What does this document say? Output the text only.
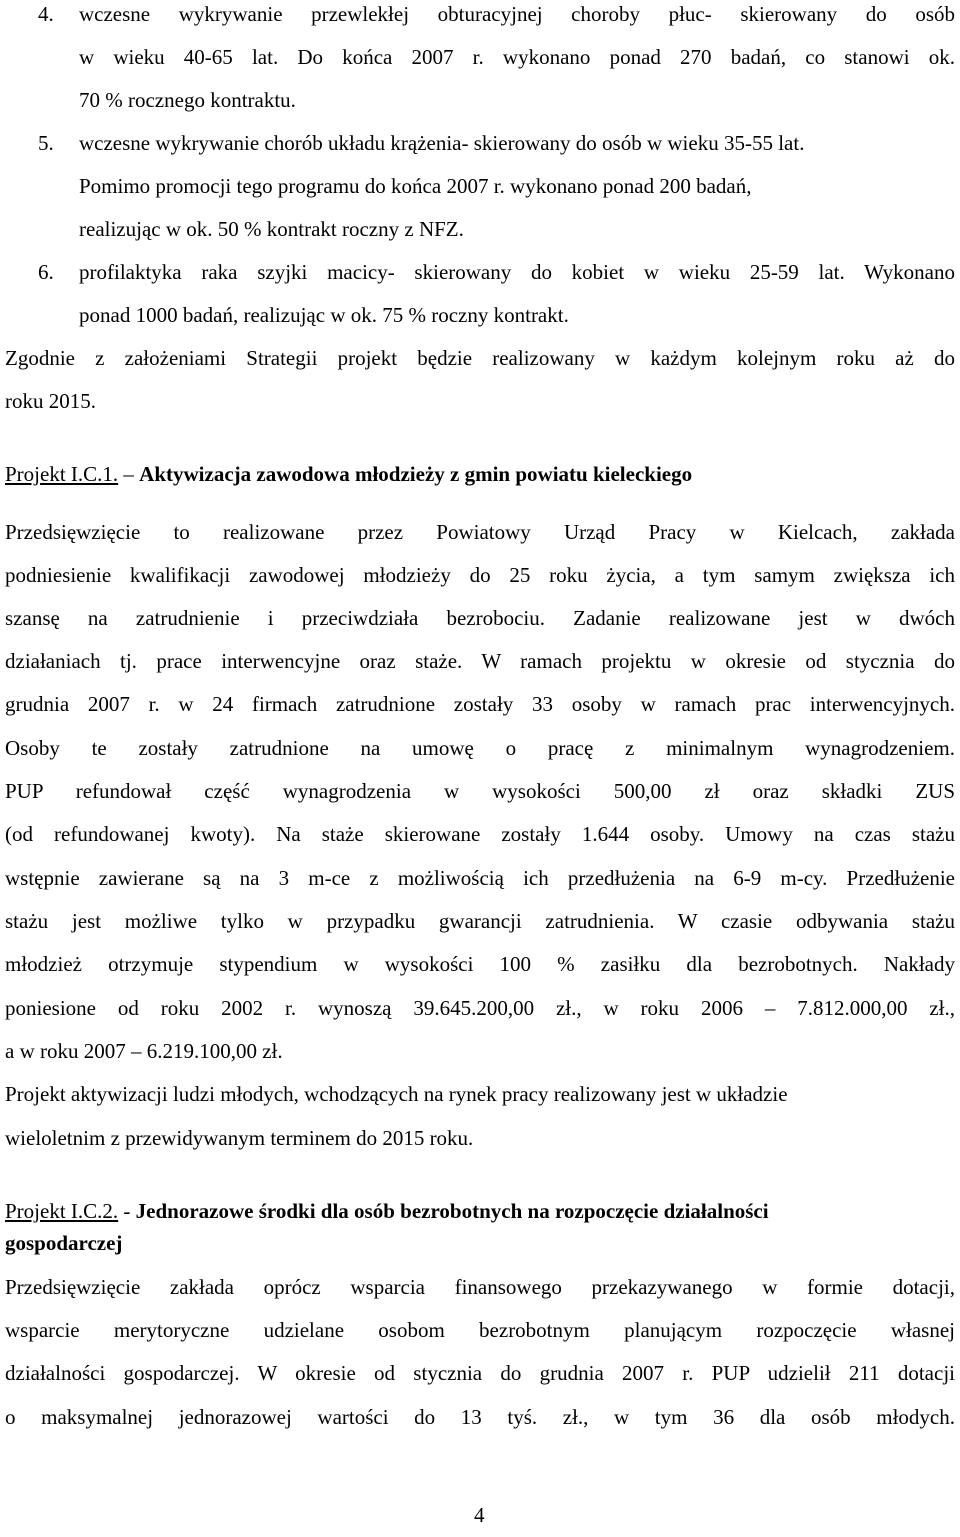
4. wczesne wykrywanie przewlekłej obturacyjnej choroby płuc- skierowany do osób
w wieku 40-65 lat. Do końca 2007 r. wykonano ponad 270 badań, co stanowi ok.
70 % rocznego kontraktu.
5. wczesne wykrywanie chorób układu krążenia- skierowany do osób w wieku 35-55 lat.
Pomimo promocji tego programu do końca 2007 r. wykonano ponad 200 badań,
realizując w ok. 50 % kontrakt roczny z NFZ.
6. profilaktyka raka szyjki macicy- skierowany do kobiet w wieku 25-59 lat. Wykonano
ponad 1000 badań, realizując w ok. 75 % roczny kontrakt.
Zgodnie z założeniami Strategii projekt będzie realizowany w każdym kolejnym roku aż do
roku 2015.
Projekt I.C.1. – Aktywizacja zawodowa młodzieży z gmin powiatu kieleckiego
Przedsięwzięcie to realizowane przez Powiatowy Urząd Pracy w Kielcach, zakłada
podniesienie kwalifikacji zawodowej młodzieży do 25 roku życia, a tym samym zwiększa ich
szansę na zatrudnienie i przeciwdziała bezrobociu. Zadanie realizowane jest w dwóch
działaniach tj. prace interwencyjne oraz staże. W ramach projektu w okresie od stycznia do
grudnia 2007 r. w 24 firmach zatrudnione zostały 33 osoby w ramach prac interwencyjnych.
Osoby te zostały zatrudnione na umowę o pracę z minimalnym wynagrodzeniem.
PUP refundował część wynagrodzenia w wysokości 500,00 zł oraz składki ZUS
(od refundowanej kwoty). Na staże skierowane zostały 1.644 osoby. Umowy na czas stażu
wstępnie zawierane są na 3 m-ce z możliwością ich przedłużenia na 6-9 m-cy. Przedłużenie
stażu jest możliwe tylko w przypadku gwarancji zatrudnienia. W czasie odbywania stażu
młodzież otrzymuje stypendium w wysokości 100 % zasiłku dla bezrobotnych. Nakłady
poniesione od roku 2002 r. wynoszą 39.645.200,00 zł., w roku 2006 – 7.812.000,00 zł.,
a w roku 2007 – 6.219.100,00 zł.
Projekt aktywizacji ludzi młodych, wchodzących na rynek pracy realizowany jest w układzie
wieloletnim z przewidywanym terminem do 2015 roku.
Projekt I.C.2. - Jednorazowe środki dla osób bezrobotnych na rozpoczęcie działalności
gospodarczej
Przedsięwzięcie zakłada oprócz wsparcia finansowego przekazywanego w formie dotacji,
wsparcie merytoryczne udzielane osobom bezrobotnym planującym rozpoczęcie własnej
działalności gospodarczej. W okresie od stycznia do grudnia 2007 r. PUP udzielił 211 dotacji
o maksymalnej jednorazowej wartości do 13 tyś. zł., w tym 36 dla osób młodych.
4
